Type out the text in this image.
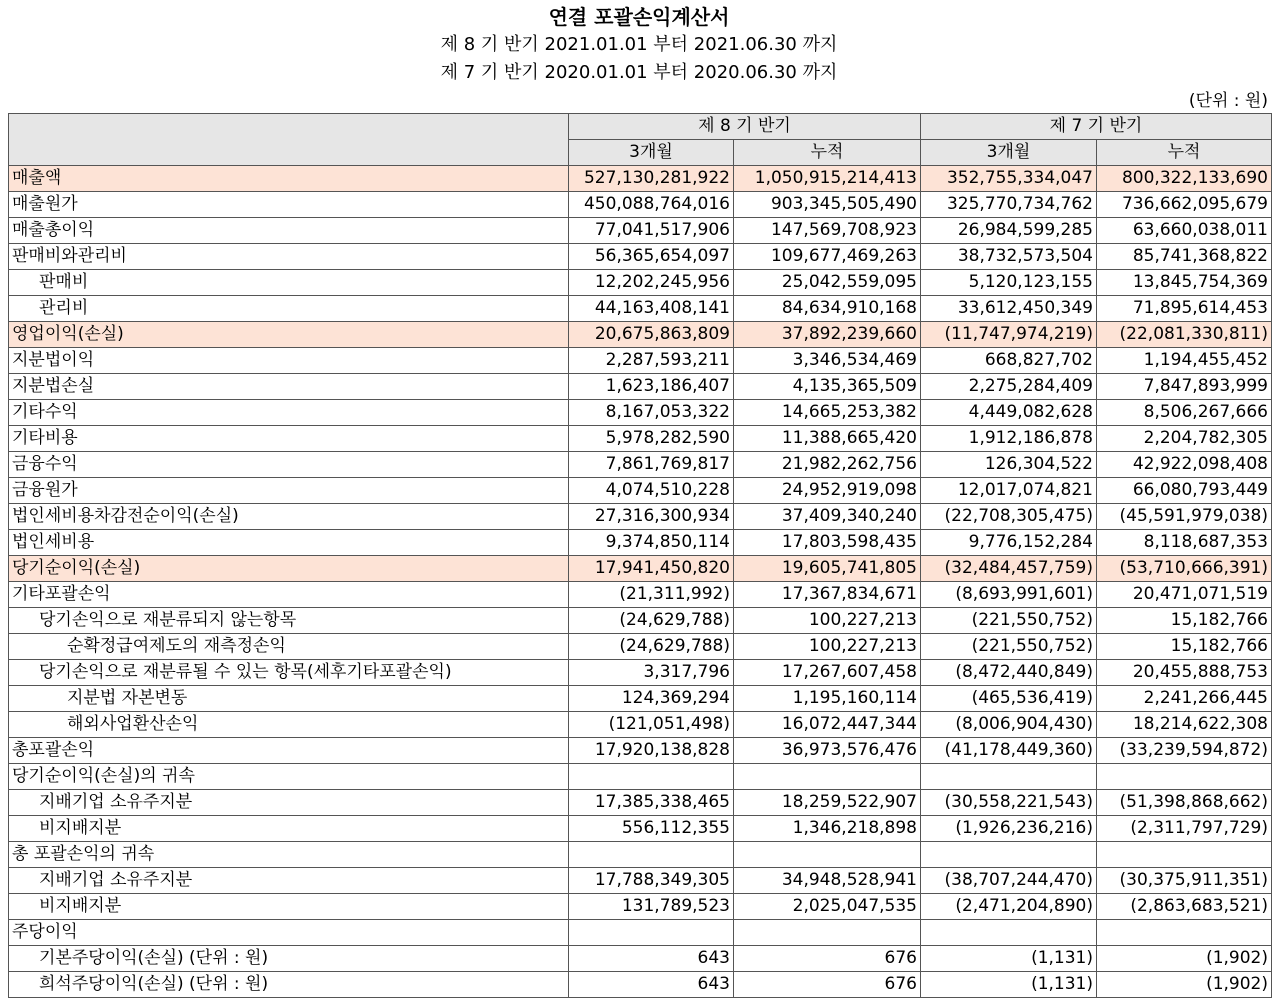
연결 포괄손익계산서
제 8 기 반기 2021.01.01 부터 2021.06.30 까지
제 7 기 반기 2020.01.01 부터 2020.06.30 까지
(단위 : 원)
	제 8 기 반기		제 7 기 반기	
	3개월	누적	3개월	누적
매출액	527,130,281,922	1,050,915,214,413	352,755,334,047	800,322,133,690
매출원가	450,088,764,016	903,345,505,490	325,770,734,762	736,662,095,679
매출총이익	77,041,517,906	147,569,708,923	26,984,599,285	63,660,038,011
판매비와관리비	56,365,654,097	109,677,469,263	38,732,573,504	85,741,368,822
판매비	12,202,245,956	25,042,559,095	5,120,123,155	13,845,754,369
관리비	44,163,408,141	84,634,910,168	33,612,450,349	71,895,614,453
영업이익(손실)	20,675,863,809	37,892,239,660	(11,747,974,219)	(22,081,330,811)
지분법이익	2,287,593,211	3,346,534,469	668,827,702	1,194,455,452
지분법손실	1,623,186,407	4,135,365,509	2,275,284,409	7,847,893,999
기타수익	8,167,053,322	14,665,253,382	4,449,082,628	8,506,267,666
기타비용	5,978,282,590	11,388,665,420	1,912,186,878	2,204,782,305
금융수익	7,861,769,817	21,982,262,756	126,304,522	42,922,098,408
금융원가	4,074,510,228	24,952,919,098	12,017,074,821	66,080,793,449
법인세비용차감전순이익(손실)	27,316,300,934	37,409,340,240	(22,708,305,475)	(45,591,979,038)
법인세비용	9,374,850,114	17,803,598,435	9,776,152,284	8,118,687,353
당기순이익(손실)	17,941,450,820	19,605,741,805	(32,484,457,759)	(53,710,666,391)
기타포괄손익	(21,311,992)	17,367,834,671	(8,693,991,601)	20,471,071,519
당기손익으로 재분류되지 않는항목	(24,629,788)	100,227,213	(221,550,752)	15,182,766
순확정급여제도의 재측정손익	(24,629,788)	100,227,213	(221,550,752)	15,182,766
당기손익으로 재분류될 수 있는 항목(세후기타포괄손익)	3,317,796	17,267,607,458	(8,472,440,849)	20,455,888,753
지분법 자본변동	124,369,294	1,195,160,114	(465,536,419)	2,241,266,445
해외사업환산손익	(121,051,498)	16,072,447,344	(8,006,904,430)	18,214,622,308
총포괄손익	17,920,138,828	36,973,576,476	(41,178,449,360)	(33,239,594,872)
당기순이익(손실)의 귀속				
지배기업 소유주지분	17,385,338,465	18,259,522,907	(30,558,221,543)	(51,398,868,662)
비지배지분	556,112,355	1,346,218,898	(1,926,236,216)	(2,311,797,729)
총 포괄손익의 귀속				
지배기업 소유주지분	17,788,349,305	34,948,528,941	(38,707,244,470)	(30,375,911,351)
비지배지분	131,789,523	2,025,047,535	(2,471,204,890)	(2,863,683,521)
주당이익				
기본주당이익(손실) (단위 : 원)	643	676	(1,131)	(1,902)
희석주당이익(손실) (단위 : 원)	643	676	(1,131)	(1,902)
